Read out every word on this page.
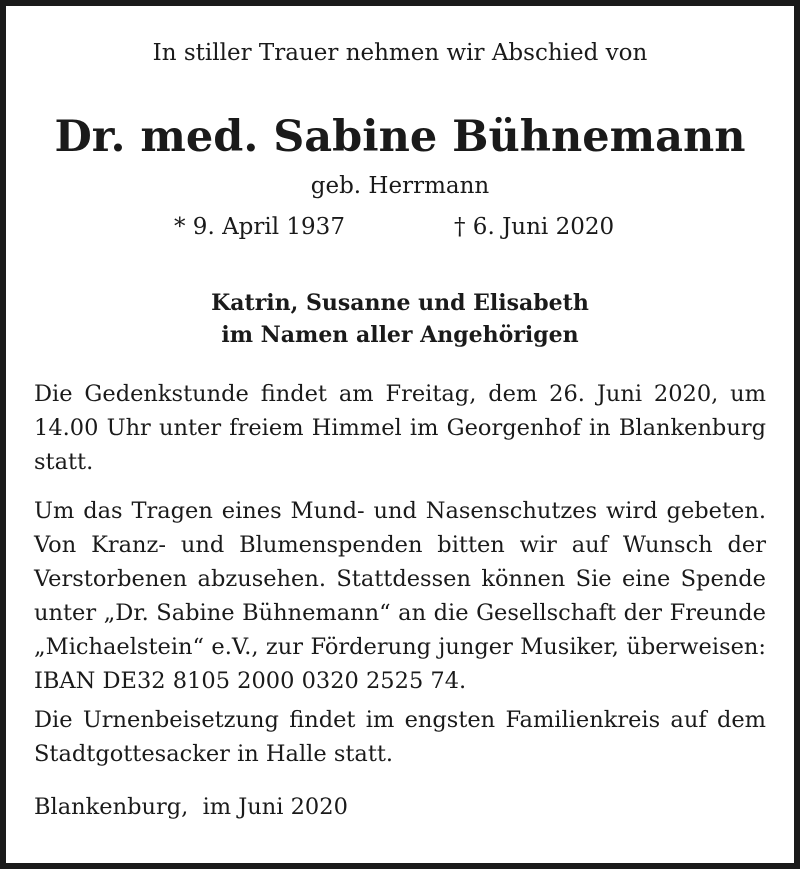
In stiller Trauer nehmen wir Abschied von
Dr. med. Sabine Bühnemann
geb. Herrmann
* 9. April 1937	† 6. Juni 2020
Katrin, Susanne und Elisabeth
im Namen aller Angehörigen

Die Gedenkstunde findet am Freitag, dem 26. Juni 2020, um 14.00 Uhr unter freiem Himmel im Georgenhof in Blankenburg statt.

Um das Tragen eines Mund- und Nasenschutzes wird gebeten. Von Kranz- und Blumenspenden bitten wir auf Wunsch der Verstorbenen abzusehen. Stattdessen können Sie eine Spende unter „Dr. Sabine Bühnemann“ an die Gesellschaft der Freunde „Michaelstein“ e.V., zur Förderung junger Musiker, überweisen: IBAN DE32 8105 2000 0320 2525 74.

Die Urnenbeisetzung findet im engsten Familienkreis auf dem Stadtgottesacker in Halle statt.

Blankenburg,  im Juni 2020
